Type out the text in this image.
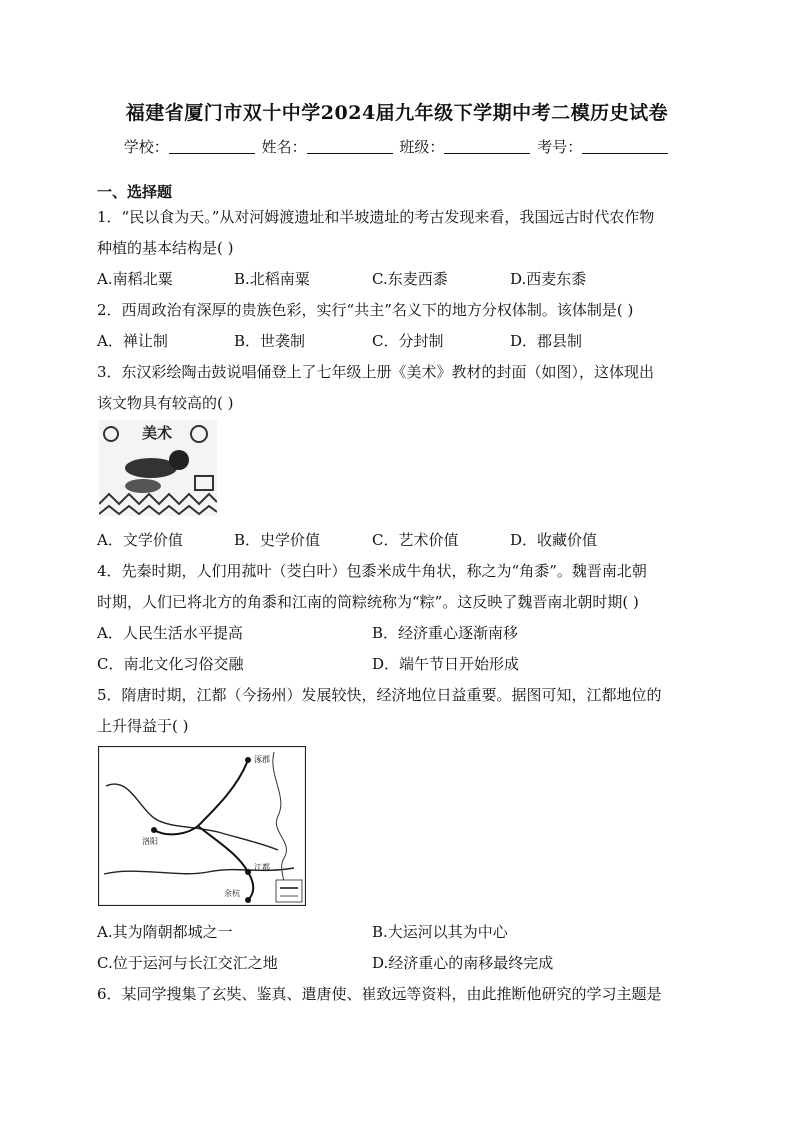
福建省厦门市双十中学2024届九年级下学期中考二模历史试卷
学校：	姓名：	班级：	考号：
一、选择题
1．“民以食为天。”从对河姆渡遗址和半坡遗址的考古发现来看，我国远古时代农作物
种植的基本结构是( )
A.南稻北粟	B.北稻南粟	C.东麦西黍	D.西麦东黍
2．西周政治有深厚的贵族色彩，实行“共主”名义下的地方分权体制。该体制是( )
A．禅让制	B．世袭制	C．分封制	D．郡县制
3．东汉彩绘陶击鼓说唱俑登上了七年级上册《美术》教材的封面（如图），这体现出
该文物具有较高的( )
美术
A．文学价值	B．史学价值	C．艺术价值	D．收藏价值
4．先秦时期，人们用菰叶（茭白叶）包黍米成牛角状，称之为“角黍”。魏晋南北朝
时期，人们已将北方的角黍和江南的筒粽统称为“粽”。这反映了魏晋南北朝时期( )
A．人民生活水平提高	B．经济重心逐渐南移
C．南北文化习俗交融	D．端午节日开始形成
5．隋唐时期，江都（今扬州）发展较快，经济地位日益重要。据图可知，江都地位的
上升得益于( )
涿郡
洛阳
江都
余杭
A.其为隋朝都城之一	B.大运河以其为中心
C.位于运河与长江交汇之地	D.经济重心的南移最终完成
6．某同学搜集了玄奘、鉴真、遣唐使、崔致远等资料，由此推断他研究的学习主题是
